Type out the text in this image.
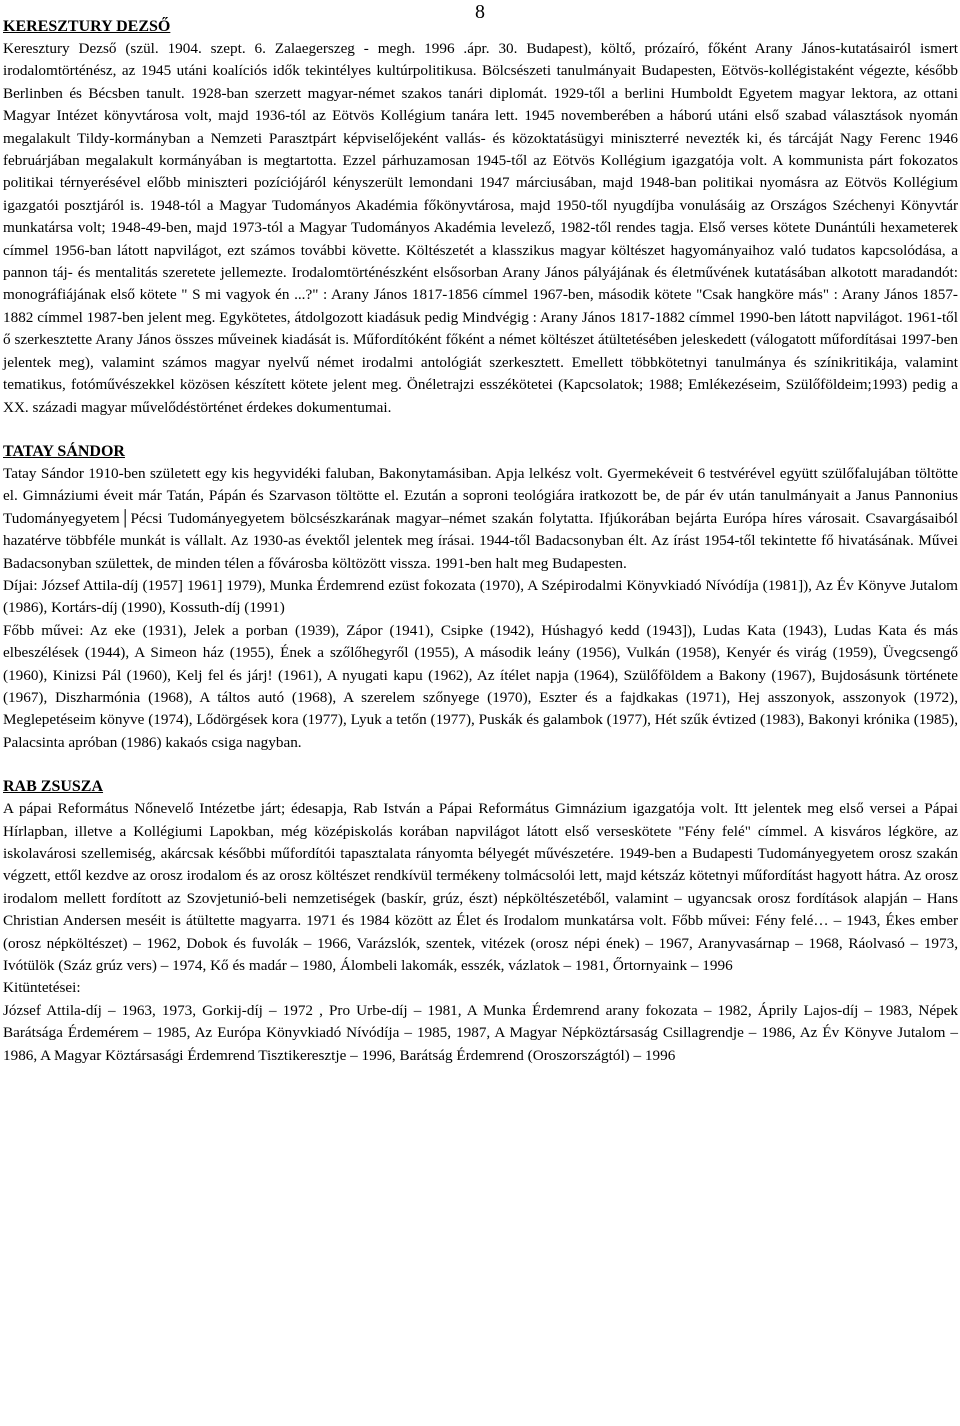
8
KERESZTURY DEZSŐ

Keresztury Dezső (szül. 1904. szept. 6. Zalaegerszeg - megh. 1996 .ápr. 30. Budapest), költő, prózaíró, főként Arany János-kutatásairól ismert irodalomtörténész, az 1945 utáni koalíciós idők tekintélyes kultúrpolitikusa. Bölcsészeti tanulmányait Budapesten, Eötvös-kollégistaként végezte, később Berlinben és Bécsben tanult. 1928-ban szerzett magyar-német szakos tanári diplomát. 1929-től a berlini Humboldt Egyetem magyar lektora, az ottani Magyar Intézet könyvtárosa volt, majd 1936-tól az Eötvös Kollégium tanára lett. 1945 novemberében a háború utáni első szabad választások nyomán megalakult Tildy-kormányban a Nemzeti Parasztpárt képviselőjeként vallás- és közoktatásügyi miniszterré nevezték ki, és tárcáját Nagy Ferenc 1946 februárjában megalakult kormányában is megtartotta. Ezzel párhuzamosan 1945-től az Eötvös Kollégium igazgatója volt. A kommunista párt fokozatos politikai térnyerésével előbb miniszteri pozíciójáról kényszerült lemondani 1947 márciusában, majd 1948-ban politikai nyomásra az Eötvös Kollégium igazgatói posztjáról is. 1948-tól a Magyar Tudományos Akadémia főkönyvtárosa, majd 1950-től nyugdíjba vonulásáig az Országos Széchenyi Könyvtár munkatársa volt; 1948-49-ben, majd 1973-tól a Magyar Tudományos Akadémia levelező, 1982-től rendes tagja. Első verses kötete Dunántúli hexameterek címmel 1956-ban látott napvilágot, ezt számos további követte. Költészetét a klasszikus magyar költészet hagyományaihoz való tudatos kapcsolódása, a pannon táj- és mentalitás szeretete jellemezte. Irodalomtörténészként elsősorban Arany János pályájának és életművének kutatásában alkotott maradandót: monográfiájának első kötete " S mi vagyok én ...?" : Arany János 1817-1856 címmel 1967-ben, második kötete "Csak hangköre más" : Arany János 1857-1882 címmel 1987-ben jelent meg. Egykötetes, átdolgozott kiadásuk pedig Mindvégig : Arany János 1817-1882 címmel 1990-ben látott napvilágot. 1961-től ő szerkesztette Arany János összes műveinek kiadását is. Műfordítóként főként a német költészet átültetésében jeleskedett (válogatott műfordításai 1997-ben jelentek meg), valamint számos magyar nyelvű német irodalmi antológiát szerkesztett. Emellett többkötetnyi tanulmánya és színikritikája, valamint tematikus, fotóművészekkel közösen készített kötete jelent meg. Önéletrajzi esszékötetei (Kapcsolatok; 1988; Emlékezéseim, Szülőföldeim;1993) pedig a XX. századi magyar művelődéstörténet érdekes dokumentumai.

TATAY SÁNDOR

Tatay Sándor 1910-ben született egy kis hegyvidéki faluban, Bakonytamásiban. Apja lelkész volt. Gyermekéveit 6 testvérével együtt szülőfalujában töltötte el. Gimnáziumi éveit már Tatán, Pápán és Szarvason töltötte el. Ezután a soproni teológiára iratkozott be, de pár év után tanulmányait a Janus Pannonius Tudományegyetem│Pécsi Tudományegyetem bölcsészkarának magyar–német szakán folytatta. Ifjúkorában bejárta Európa híres városait. Csavargásaiból hazatérve többféle munkát is vállalt. Az 1930-as évektől jelentek meg írásai. 1944-től Badacsonyban élt. Az írást 1954-től tekintette fő hivatásának. Művei Badacsonyban születtek, de minden télen a fővárosba költözött vissza. 1991-ben halt meg Budapesten.

Díjai: József Attila-díj (1957] 1961] 1979), Munka Érdemrend ezüst fokozata (1970), A Szépirodalmi Könyvkiadó Nívódíja (1981]), Az Év Könyve Jutalom (1986), Kortárs-díj (1990), Kossuth-díj (1991)

Főbb művei: Az eke (1931), Jelek a porban (1939), Zápor (1941), Csipke (1942), Húshagyó kedd (1943]), Ludas Kata (1943), Ludas Kata és más elbeszélések (1944), A Simeon ház (1955), Ének a szőlőhegyről (1955), A második leány (1956), Vulkán (1958), Kenyér és virág (1959), Üvegcsengő (1960), Kinizsi Pál (1960), Kelj fel és járj! (1961), A nyugati kapu (1962), Az ítélet napja (1964), Szülőföldem a Bakony (1967), Bujdosásunk története (1967), Diszharmónia (1968), A táltos autó (1968), A szerelem szőnyege (1970), Eszter és a fajdkakas (1971), Hej asszonyok, asszonyok (1972), Meglepetéseim könyve (1974), Lődörgések kora (1977), Lyuk a tetőn (1977), Puskák és galambok (1977), Hét szűk évtized (1983), Bakonyi krónika (1985), Palacsinta apróban (1986) kakaós csiga nagyban.

RAB ZSUSZA

A pápai Református Nőnevelő Intézetbe járt; édesapja, Rab István a Pápai Református Gimnázium igazgatója volt. Itt jelentek meg első versei a Pápai Hírlapban, illetve a Kollégiumi Lapokban, még középiskolás korában napvilágot látott első verseskötete "Fény felé" címmel. A kisváros légköre, az iskolavárosi szellemiség, akárcsak későbbi műfordítói tapasztalata rányomta bélyegét művészetére. 1949-ben a Budapesti Tudományegyetem orosz szakán végzett, ettől kezdve az orosz irodalom és az orosz költészet rendkívül termékeny tolmácsolói lett, majd kétszáz kötetnyi műfordítást hagyott hátra. Az orosz irodalom mellett fordított az Szovjetunió-beli nemzetiségek (baskír, grúz, észt) népköltészetéből, valamint – ugyancsak orosz fordítások alapján – Hans Christian Andersen meséit is átültette magyarra. 1971 és 1984 között az Élet és Irodalom munkatársa volt. Főbb művei: Fény felé… – 1943, Ékes ember (orosz népköltészet) – 1962, Dobok és fuvolák – 1966, Varázslók, szentek, vitézek (orosz népi ének) – 1967, Aranyvasárnap – 1968, Ráolvasó – 1973, Ivótülök (Száz grúz vers) – 1974, Kő és madár – 1980, Álombeli lakomák, esszék, vázlatok – 1981, Őrtornyaink – 1996

Kitüntetései:

József Attila-díj – 1963, 1973, Gorkij-díj – 1972 , Pro Urbe-díj – 1981, A Munka Érdemrend arany fokozata – 1982, Áprily Lajos-díj – 1983, Népek Barátsága Érdemérem – 1985, Az Európa Könyvkiadó Nívódíja – 1985, 1987, A Magyar Népköztársaság Csillagrendje – 1986, Az Év Könyve Jutalom – 1986, A Magyar Köztársasági Érdemrend Tisztikeresztje – 1996, Barátság Érdemrend (Oroszországtól) – 1996
